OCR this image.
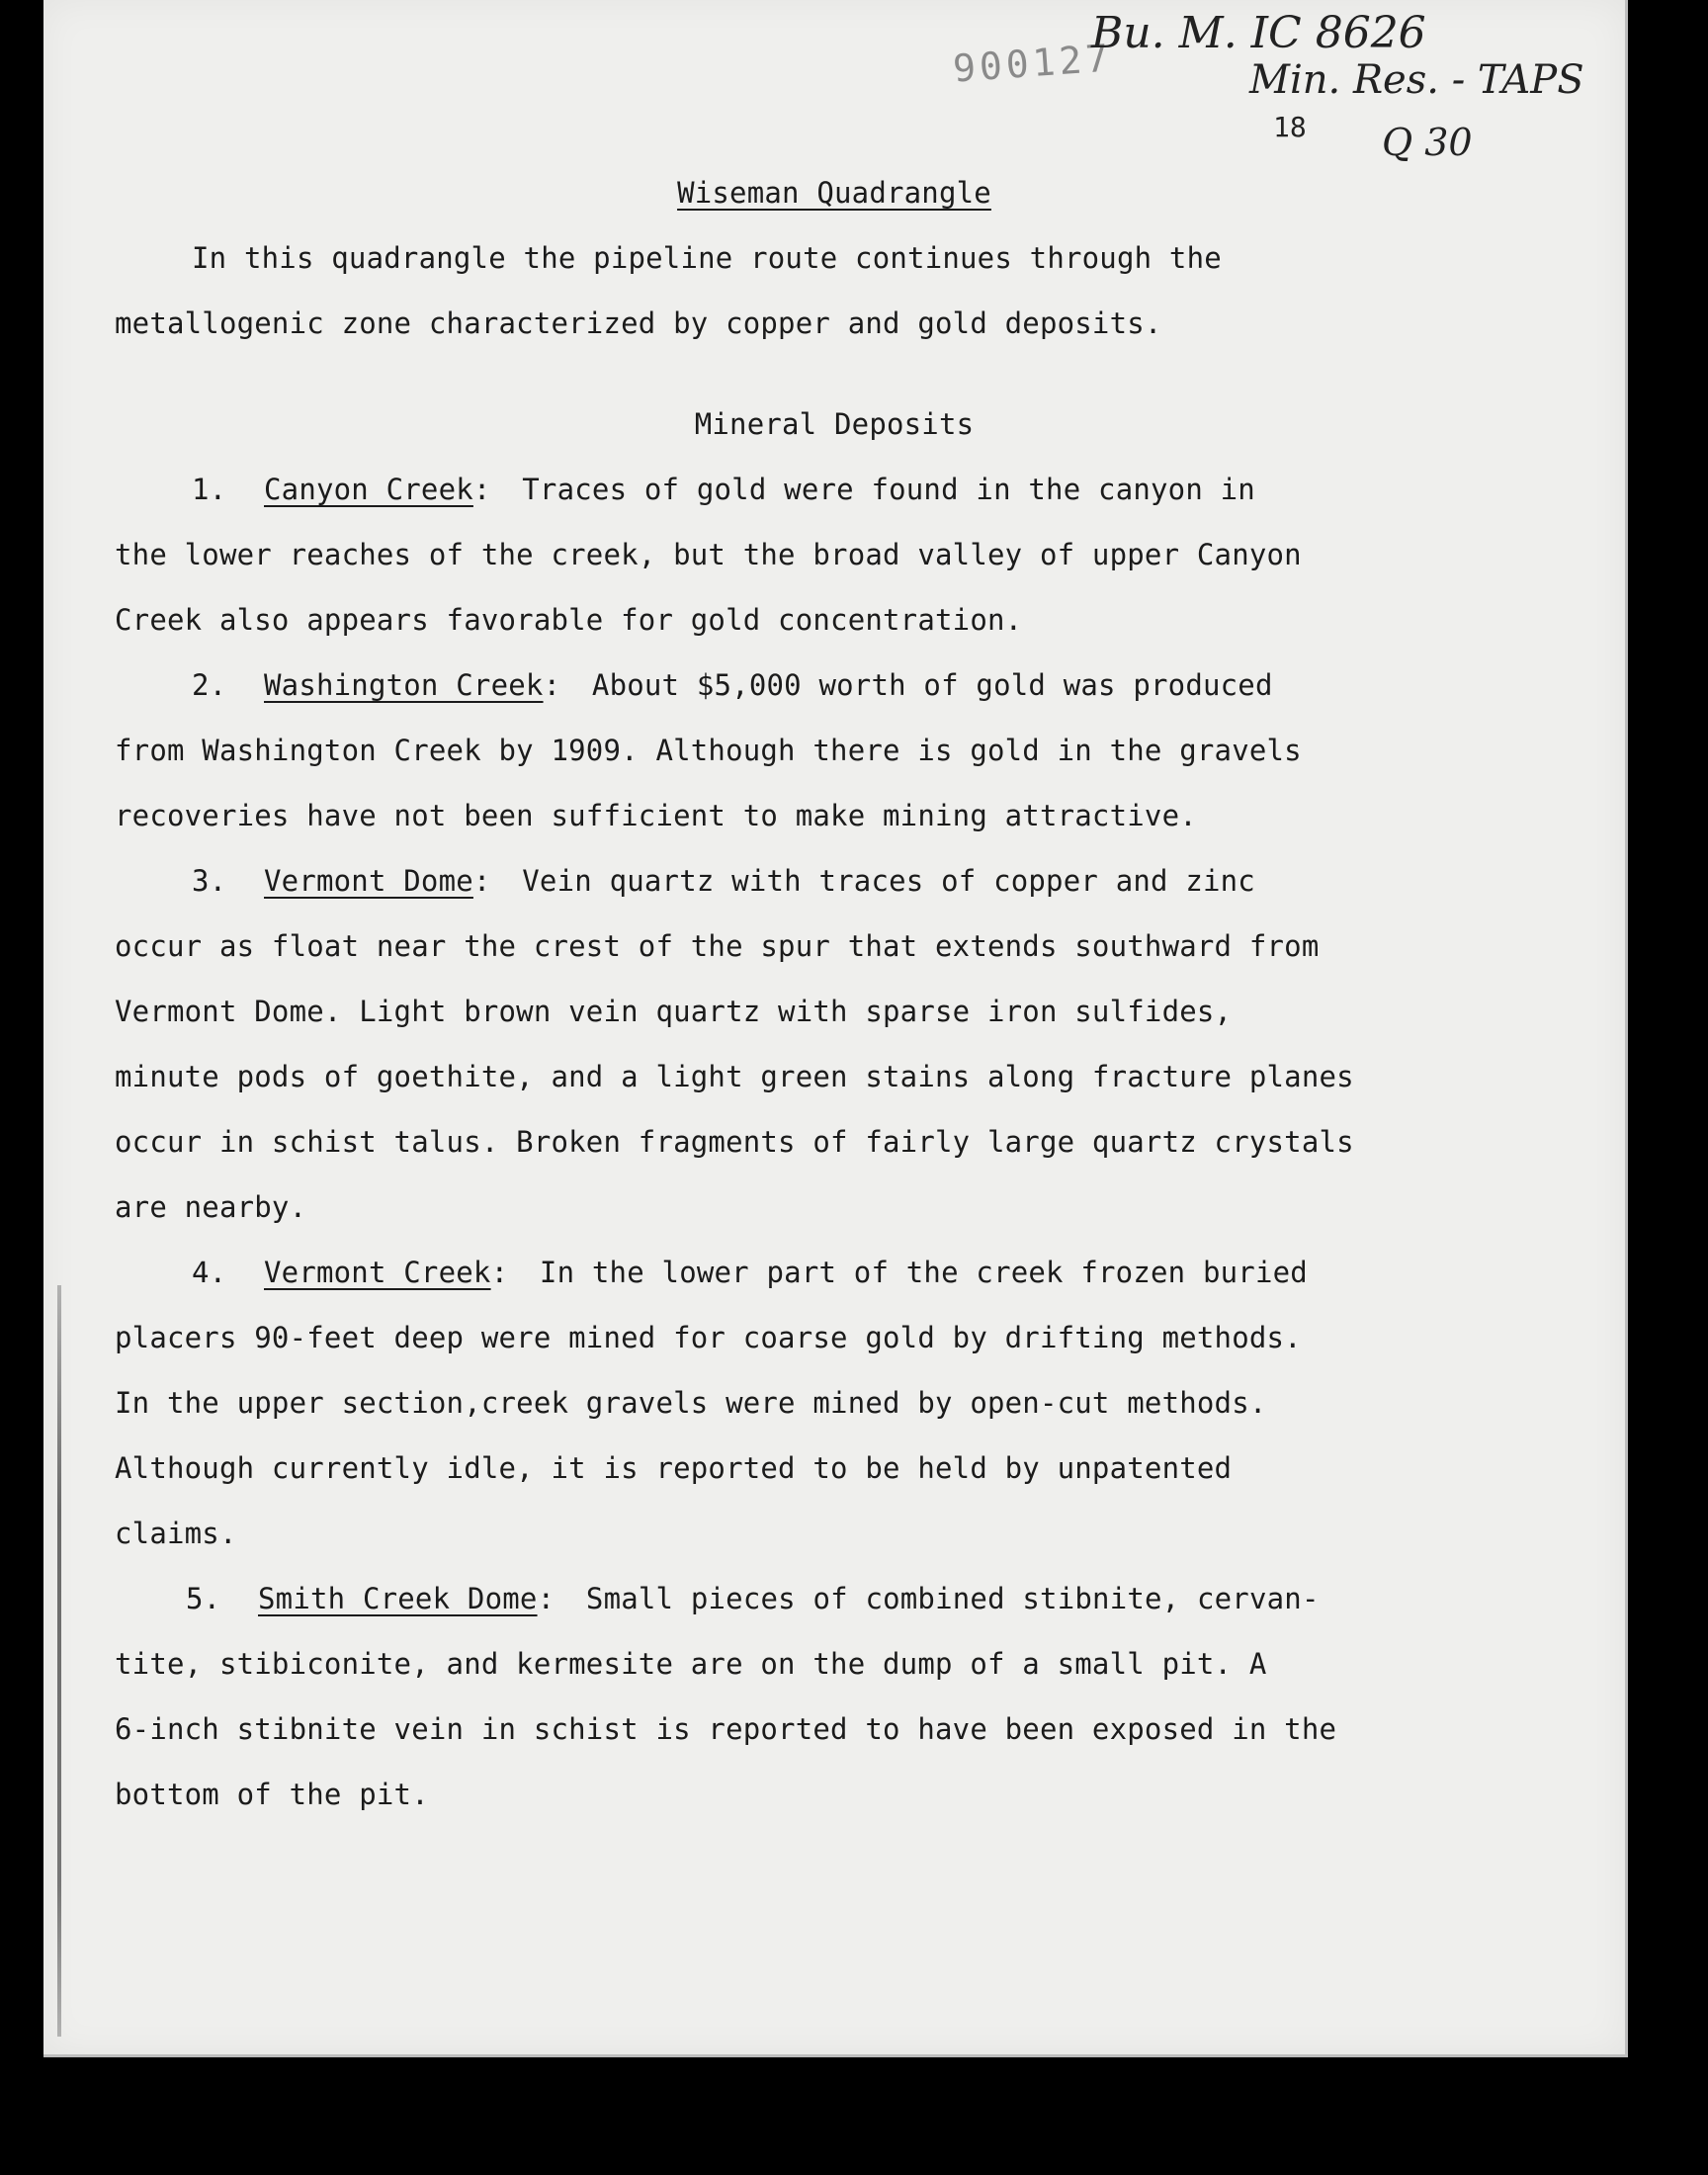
900127
Bu. M. IC 8626
Min. Res. - TAPS
18 Q 30
Wiseman Quadrangle
In this quadrangle the pipeline route continues through the
metallogenic zone characterized by copper and gold deposits.
Mineral Deposits
1. Canyon Creek: Traces of gold were found in the canyon in
the lower reaches of the creek, but the broad valley of upper Canyon
Creek also appears favorable for gold concentration.
2. Washington Creek: About $5,000 worth of gold was produced
from Washington Creek by 1909. Although there is gold in the gravels
recoveries have not been sufficient to make mining attractive.
3. Vermont Dome: Vein quartz with traces of copper and zinc
occur as float near the crest of the spur that extends southward from
Vermont Dome. Light brown vein quartz with sparse iron sulfides,
minute pods of goethite, and a light green stains along fracture planes
occur in schist talus. Broken fragments of fairly large quartz crystals
are nearby.
4. Vermont Creek: In the lower part of the creek frozen buried
placers 90-feet deep were mined for coarse gold by drifting methods.
In the upper section,creek gravels were mined by open-cut methods.
Although currently idle, it is reported to be held by unpatented
claims.
5. Smith Creek Dome: Small pieces of combined stibnite, cervan-
tite, stibiconite, and kermesite are on the dump of a small pit. A
6-inch stibnite vein in schist is reported to have been exposed in the
bottom of the pit.
